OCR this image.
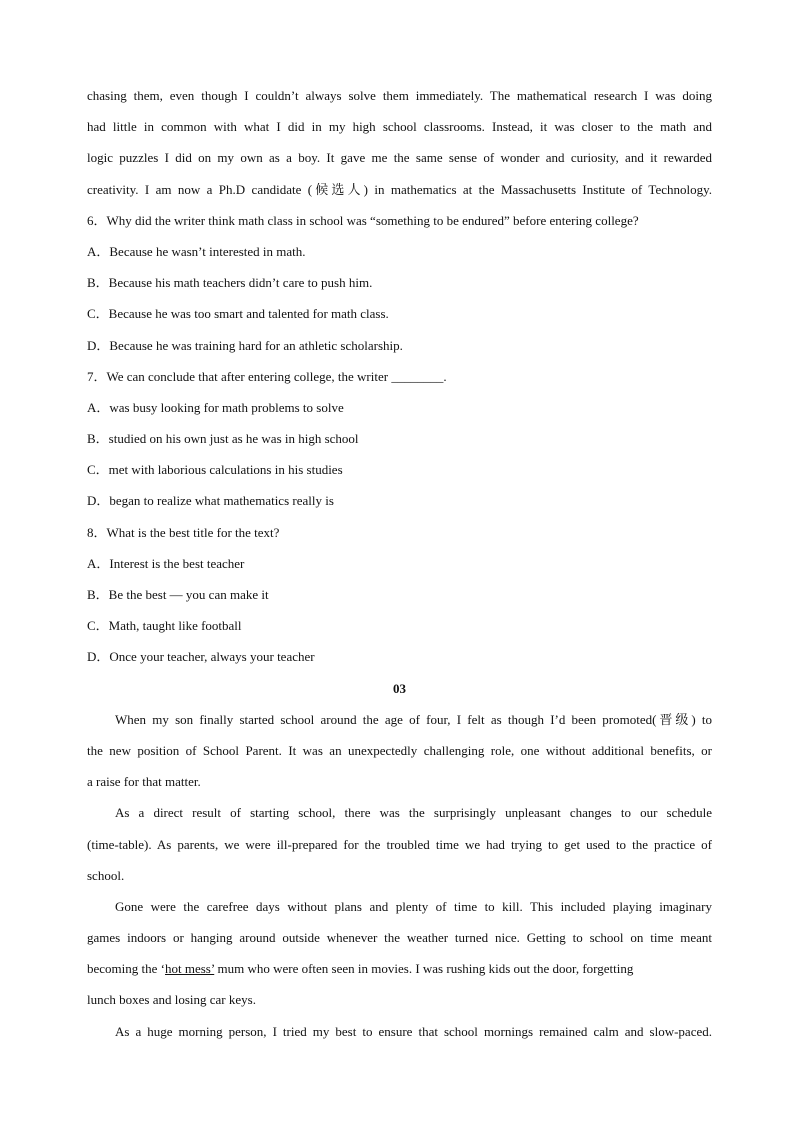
chasing them, even though I couldn’t always solve them immediately. The mathematical research I was doing
had little in common with what I did in my high school classrooms. Instead, it was closer to the math and
logic puzzles I did on my own as a boy. It gave me the same sense of wonder and curiosity, and it rewarded
creativity. I am now a Ph.D candidate (候选人) in mathematics at the Massachusetts Institute of Technology.
6．Why did the writer think math class in school was “something to be endured” before entering college?
A．Because he wasn’t interested in math.
B．Because his math teachers didn’t care to push him.
C．Because he was too smart and talented for math class.
D．Because he was training hard for an athletic scholarship.
7．We can conclude that after entering college, the writer ________.
A．was busy looking for math problems to solve
B．studied on his own just as he was in high school
C．met with laborious calculations in his studies
D．began to realize what mathematics really is
8．What is the best title for the text?
A．Interest is the best teacher
B．Be the best — you can make it
C．Math, taught like football
D．Once your teacher, always your teacher
03
When my son finally started school around the age of four, I felt as though I’d been promoted(晋级) to
the new position of School Parent. It was an unexpectedly challenging role, one without additional benefits, or
a raise for that matter.
As a direct result of starting school, there was the surprisingly unpleasant changes to our schedule
(time-table). As parents, we were ill-prepared for the troubled time we had trying to get used to the practice of
school.
Gone were the carefree days without plans and plenty of time to kill. This included playing imaginary
games indoors or hanging around outside whenever the weather turned nice. Getting to school on time meant
becoming the ‘hot mess’ mum who were often seen in movies. I was rushing kids out the door, forgetting
lunch boxes and losing car keys.
As a huge morning person, I tried my best to ensure that school mornings remained calm and slow-paced.
